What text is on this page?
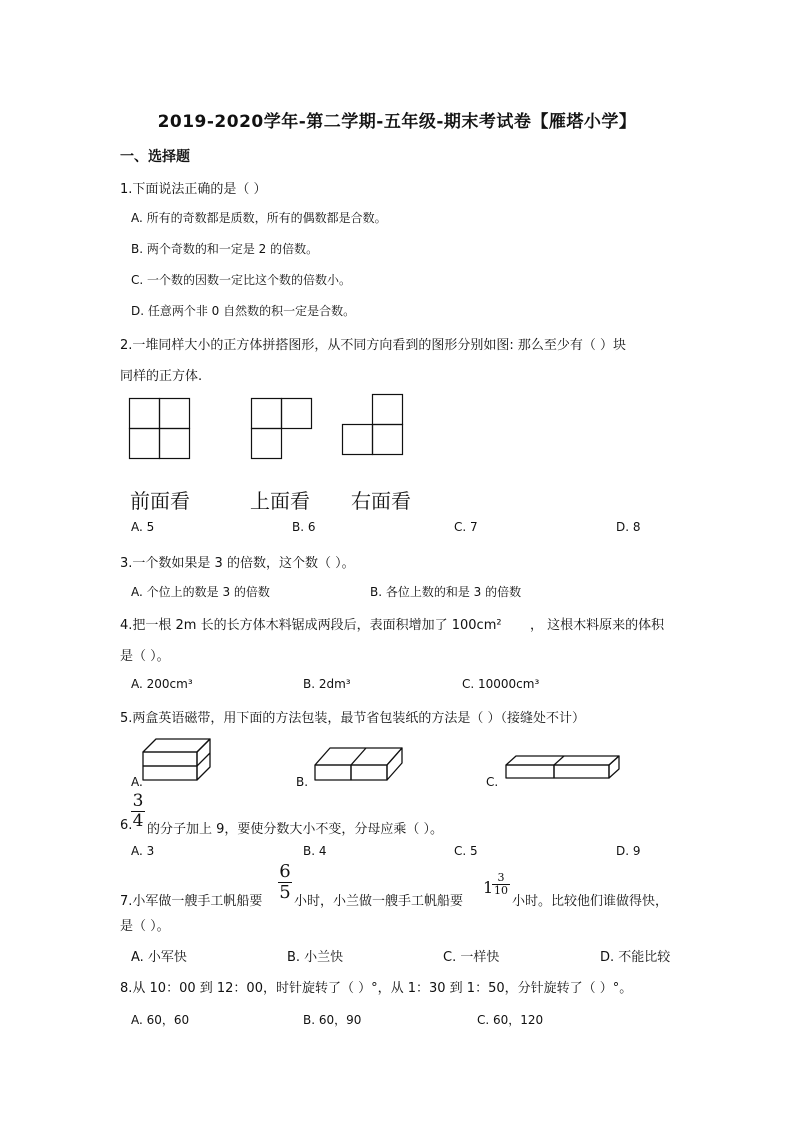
2019-2020学年-第二学期-五年级-期末考试卷【雁塔小学】
一、选择题
1.下面说法正确的是（ ）
A. 所有的奇数都是质数，所有的偶数都是合数。
B. 两个奇数的和一定是 2 的倍数。
C. 一个数的因数一定比这个数的倍数小。
D. 任意两个非 0 自然数的积一定是合数。
2.一堆同样大小的正方体拼搭图形，从不同方向看到的图形分别如图: 那么至少有（ ）块
同样的正方体.
前面看	上面看 右面看
A. 5	B. 6	C. 7	D. 8
3.一个数如果是 3 的倍数，这个数（ ）。
A. 个位上的数是 3 的倍数	B. 各位上数的和是 3 的倍数
4.把一根 2m 长的长方体木料锯成两段后，表面积增加了 100cm² ， 这根木料原来的体积
是（ ）。
A. 200cm³	B. 2dm³	C. 10000cm³
5.两盒英语磁带，用下面的方法包装，最节省包装纸的方法是（ ）（接缝处不计）
A.	B.	C.
3
4
6. 的分子加上 9，要使分数大小不变，分母应乘（ ）。
A. 3	B. 4	C. 5	D. 9
7.小军做一艘手工帆船要
6
5 小时，小兰做一艘手工帆船要
1
3
10
小时。比较他们谁做得快，
是（ ）。
A. 小军快	B. 小兰快	C. 一样快	D. 不能比较
8.从 10：00 到 12：00，时针旋转了（ ）°，从 1：30 到 1：50，分针旋转了（ ）°。
A. 60，60	B. 60，90	C. 60，120
